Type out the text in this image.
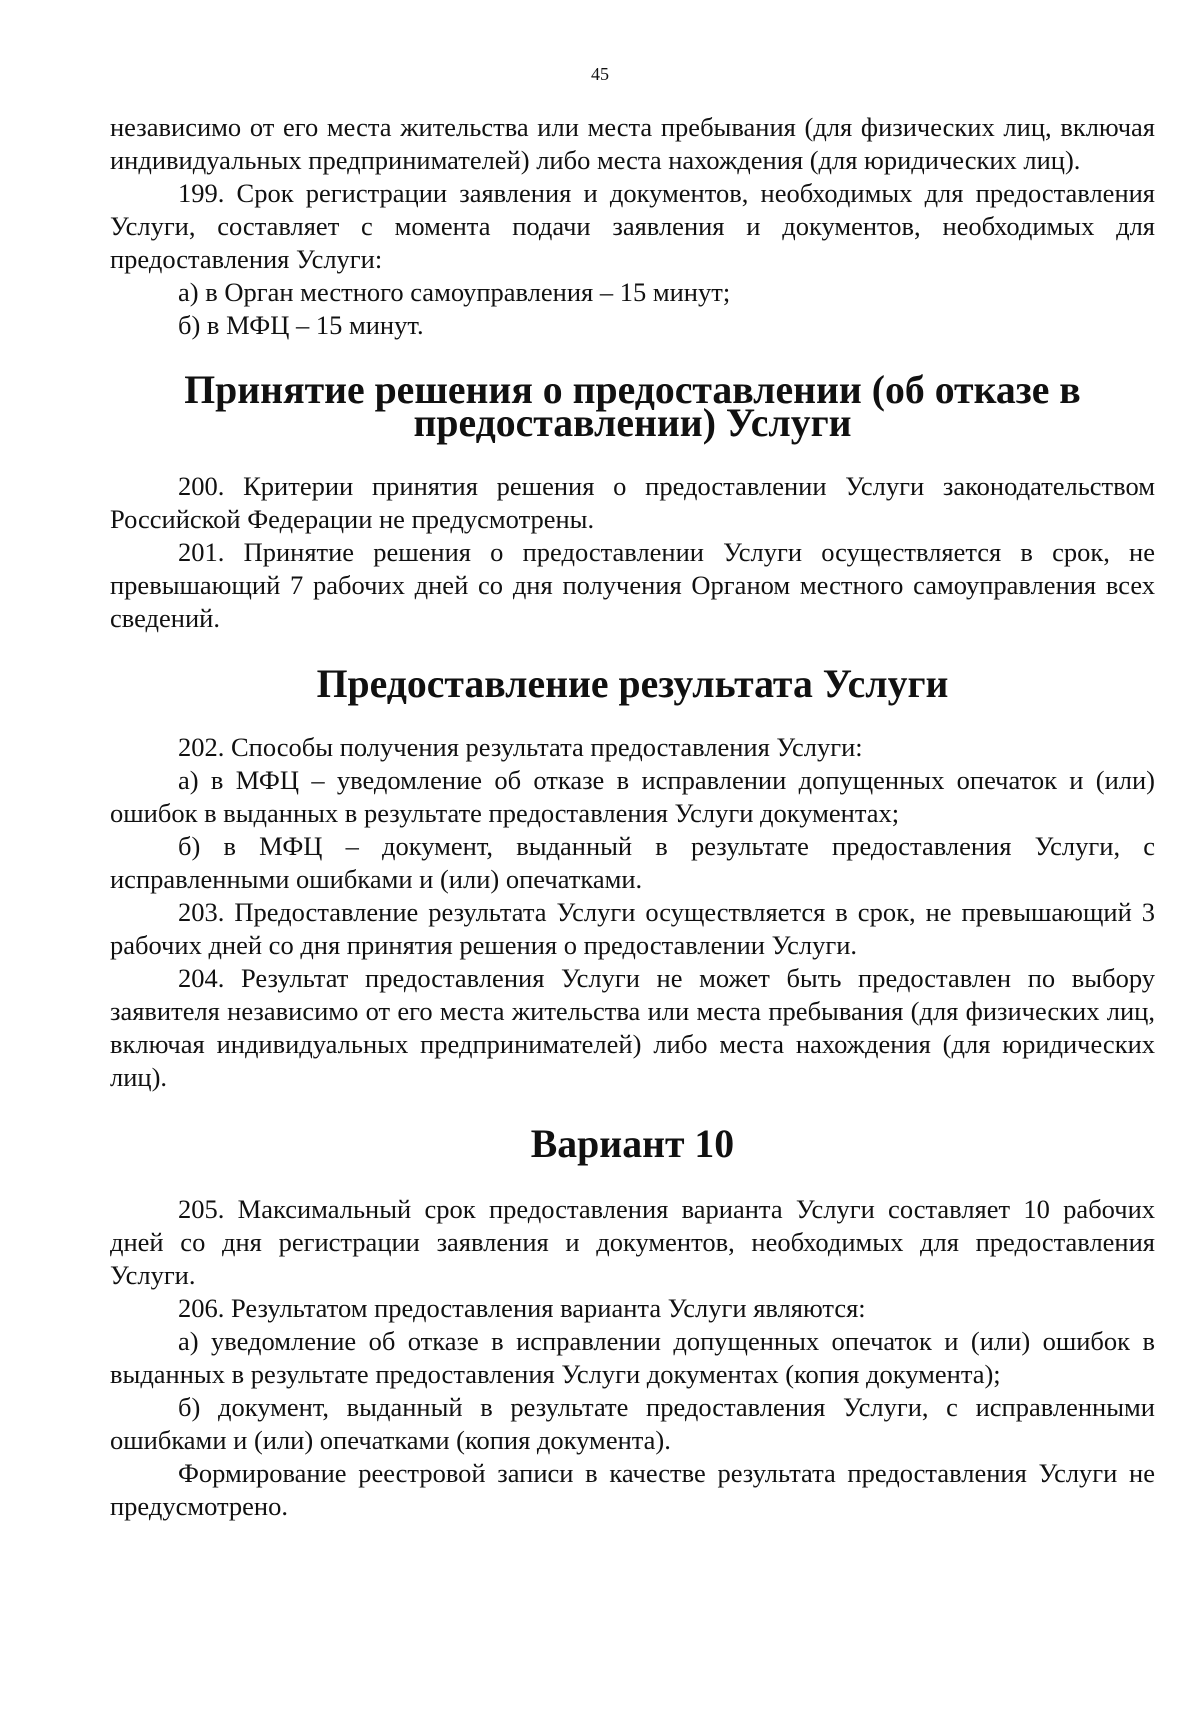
45

независимо от его места жительства или места пребывания (для физических лиц, включая индивидуальных предпринимателей) либо места нахождения (для юридических лиц).

199. Срок регистрации заявления и документов, необходимых для предоставления Услуги, составляет с момента подачи заявления и документов, необходимых для предоставления Услуги:

а) в Орган местного самоуправления – 15 минут;

б) в МФЦ – 15 минут.

Принятие решения о предоставлении (об отказе в предоставлении) Услуги

200. Критерии принятия решения о предоставлении Услуги законодательством Российской Федерации не предусмотрены.

201. Принятие решения о предоставлении Услуги осуществляется в срок, не превышающий 7 рабочих дней со дня получения Органом местного самоуправления всех сведений.

Предоставление результата Услуги

202. Способы получения результата предоставления Услуги:

а) в МФЦ – уведомление об отказе в исправлении допущенных опечаток и (или) ошибок в выданных в результате предоставления Услуги документах;

б) в МФЦ – документ, выданный в результате предоставления Услуги, с исправленными ошибками и (или) опечатками.

203. Предоставление результата Услуги осуществляется в срок, не превышающий 3 рабочих дней со дня принятия решения о предоставлении Услуги.

204. Результат предоставления Услуги не может быть предоставлен по выбору заявителя независимо от его места жительства или места пребывания (для физических лиц, включая индивидуальных предпринимателей) либо места нахождения (для юридических лиц).

Вариант 10

205. Максимальный срок предоставления варианта Услуги составляет 10 рабочих дней со дня регистрации заявления и документов, необходимых для предоставления Услуги.

206. Результатом предоставления варианта Услуги являются:

а) уведомление об отказе в исправлении допущенных опечаток и (или) ошибок в выданных в результате предоставления Услуги документах (копия документа);

б) документ, выданный в результате предоставления Услуги, с исправленными ошибками и (или) опечатками (копия документа).

Формирование реестровой записи в качестве результата предоставления Услуги не предусмотрено.
